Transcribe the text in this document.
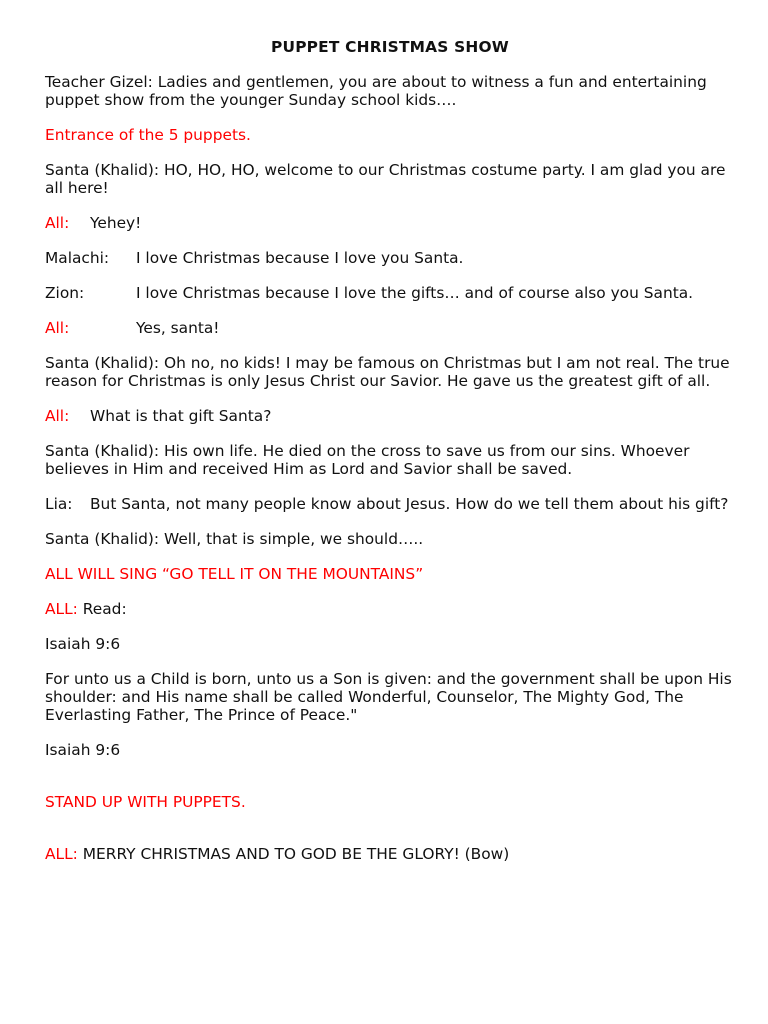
PUPPET CHRISTMAS SHOW

Teacher Gizel: Ladies and gentlemen, you are about to witness a fun and entertaining puppet show from the younger Sunday school kids….

Entrance of the 5 puppets.

Santa (Khalid): HO, HO, HO, welcome to our Christmas costume party. I am glad you are all here!

All: Yehey!

Malachi: I love Christmas because I love you Santa.

Zion:	I love Christmas because I love the gifts… and of course also you Santa.

All:	Yes, santa!

Santa (Khalid): Oh no, no kids! I may be famous on Christmas but I am not real. The true reason for Christmas is only Jesus Christ our Savior. He gave us the greatest gift of all.

All: What is that gift Santa?

Santa (Khalid): His own life. He died on the cross to save us from our sins. Whoever believes in Him and received Him as Lord and Savior shall be saved.

Lia: But Santa, not many people know about Jesus. How do we tell them about his gift?

Santa (Khalid): Well, that is simple, we should…..

ALL WILL SING “GO TELL IT ON THE MOUNTAINS”

ALL: Read:

Isaiah 9:6

For unto us a Child is born, unto us a Son is given: and the government shall be upon His shoulder: and His name shall be called Wonderful, Counselor, The Mighty God, The Everlasting Father, The Prince of Peace."

Isaiah 9:6

STAND UP WITH PUPPETS.

ALL: MERRY CHRISTMAS AND TO GOD BE THE GLORY! (Bow)
